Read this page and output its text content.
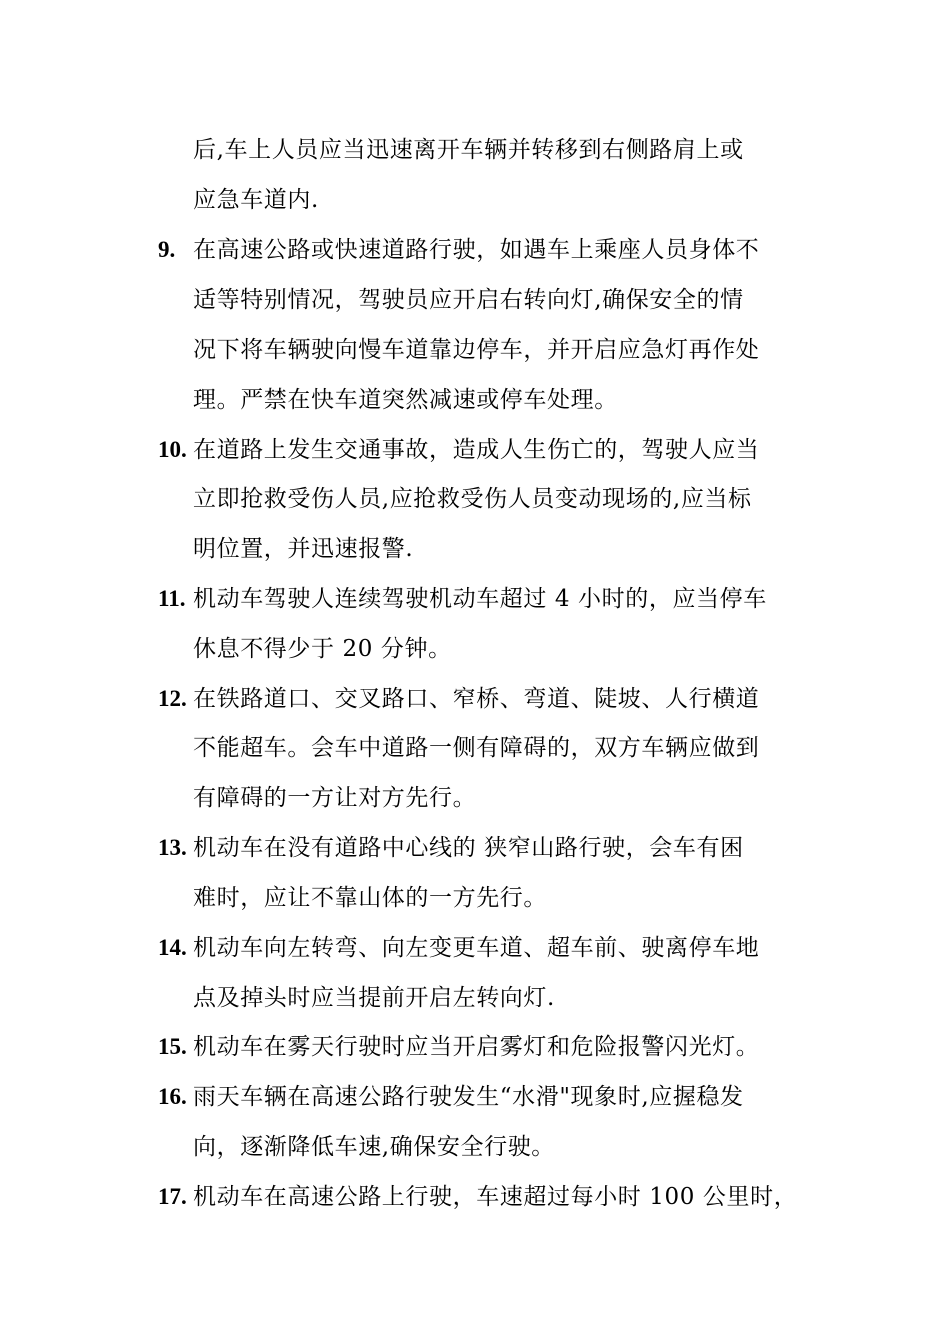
后,车上人员应当迅速离开车辆并转移到右侧路肩上或
应急车道内.
9. 在高速公路或快速道路行驶，如遇车上乘座人员身体不
适等特别情况，驾驶员应开启右转向灯,确保安全的情
况下将车辆驶向慢车道靠边停车，并开启应急灯再作处
理。严禁在快车道突然减速或停车处理。
10. 在道路上发生交通事故，造成人生伤亡的，驾驶人应当
立即抢救受伤人员,应抢救受伤人员变动现场的,应当标
明位置，并迅速报警.
11. 机动车驾驶人连续驾驶机动车超过 4 小时的，应当停车
休息不得少于 20 分钟。
12. 在铁路道口、交叉路口、窄桥、弯道、陡坡、人行横道
不能超车。会车中道路一侧有障碍的，双方车辆应做到
有障碍的一方让对方先行。
13. 机动车在没有道路中心线的 狭窄山路行驶，会车有困
难时，应让不靠山体的一方先行。
14. 机动车向左转弯、向左变更车道、超车前、驶离停车地
点及掉头时应当提前开启左转向灯.
15. 机动车在雾天行驶时应当开启雾灯和危险报警闪光灯。
16. 雨天车辆在高速公路行驶发生“水滑"现象时,应握稳发
向，逐渐降低车速,确保安全行驶。
17. 机动车在高速公路上行驶，车速超过每小时 100 公里时，
